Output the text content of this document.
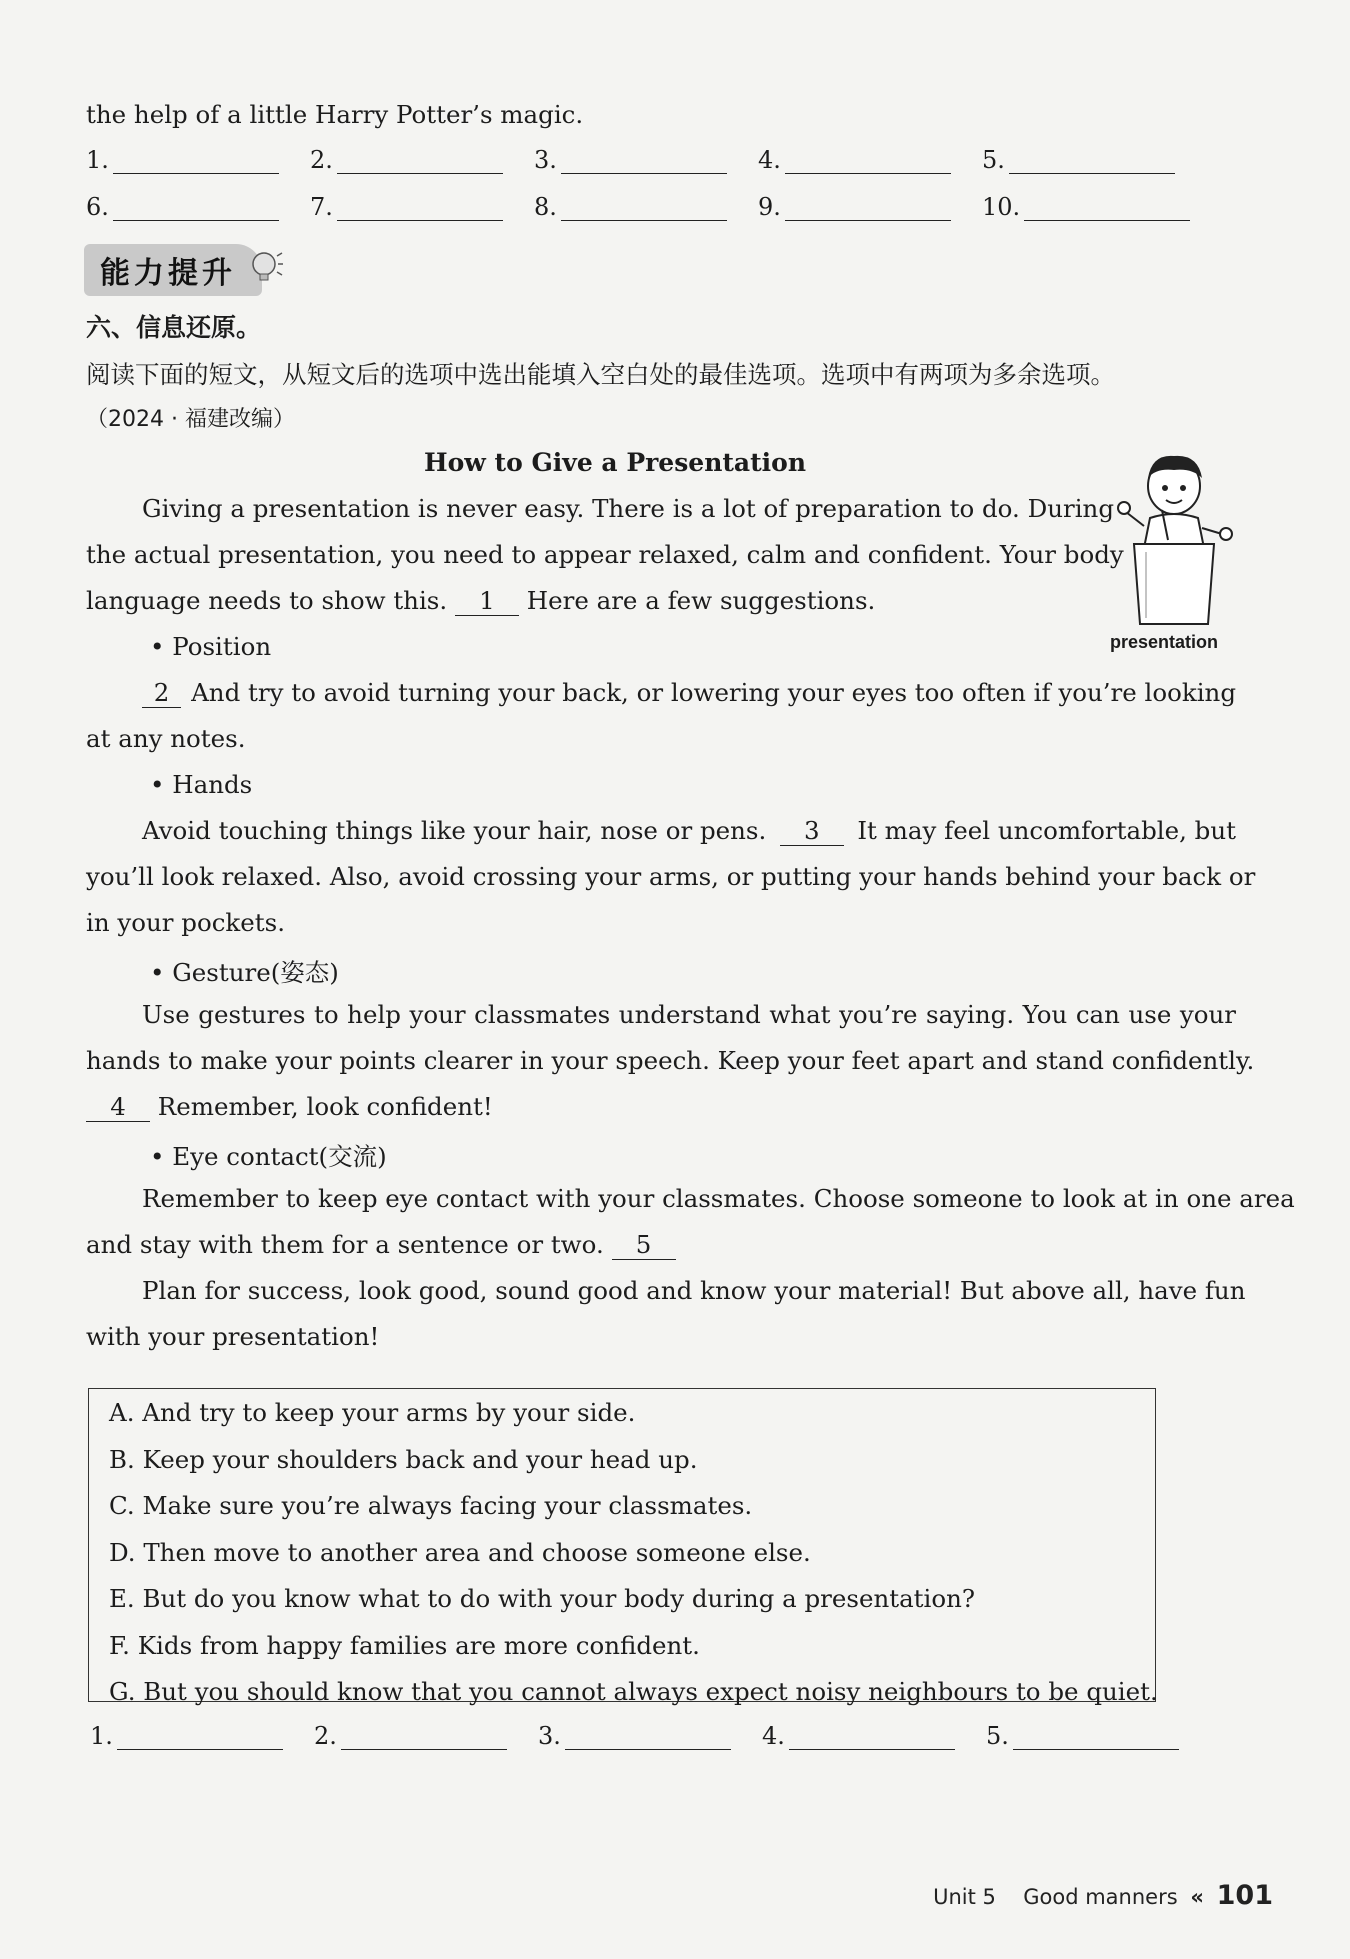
the help of a little Harry Potter’s magic.
1.	2.	3.	4.	5.
6.	7.	8.	9.	10.
能力提升
六、信息还原。
阅读下面的短文，从短文后的选项中选出能填入空白处的最佳选项。选项中有两项为多余选项。
（2024 · 福建改编）
How to Give a Presentation
presentation
Giving a presentation is never easy. There is a lot of preparation to do. During
the actual presentation, you need to appear relaxed, calm and confident. Your body
language needs to show this. 1 Here are a few suggestions.
• Position
2 And try to avoid turning your back, or lowering your eyes too often if you’re looking
at any notes.
• Hands
Avoid touching things like your hair, nose or pens.	3	It may feel uncomfortable, but
you’ll look relaxed. Also, avoid crossing your arms, or putting your hands behind your back or
in your pockets.
• Gesture(姿态)
Use gestures to help your classmates understand what you’re saying. You can use your
hands to make your points clearer in your speech. Keep your feet apart and stand confidently.
4 Remember, look confident!
• Eye contact(交流)
Remember to keep eye contact with your classmates. Choose someone to look at in one area
and stay with them for a sentence or two. 5
Plan for success, look good, sound good and know your material! But above all, have fun
with your presentation!
A. And try to keep your arms by your side.
B. Keep your shoulders back and your head up.
C. Make sure you’re always facing your classmates.
D. Then move to another area and choose someone else.
E. But do you know what to do with your body during a presentation?
F. Kids from happy families are more confident.
G. But you should know that you cannot always expect noisy neighbours to be quiet.
1.	2.	3.	4.	5.
Unit 5 Good manners « 101
